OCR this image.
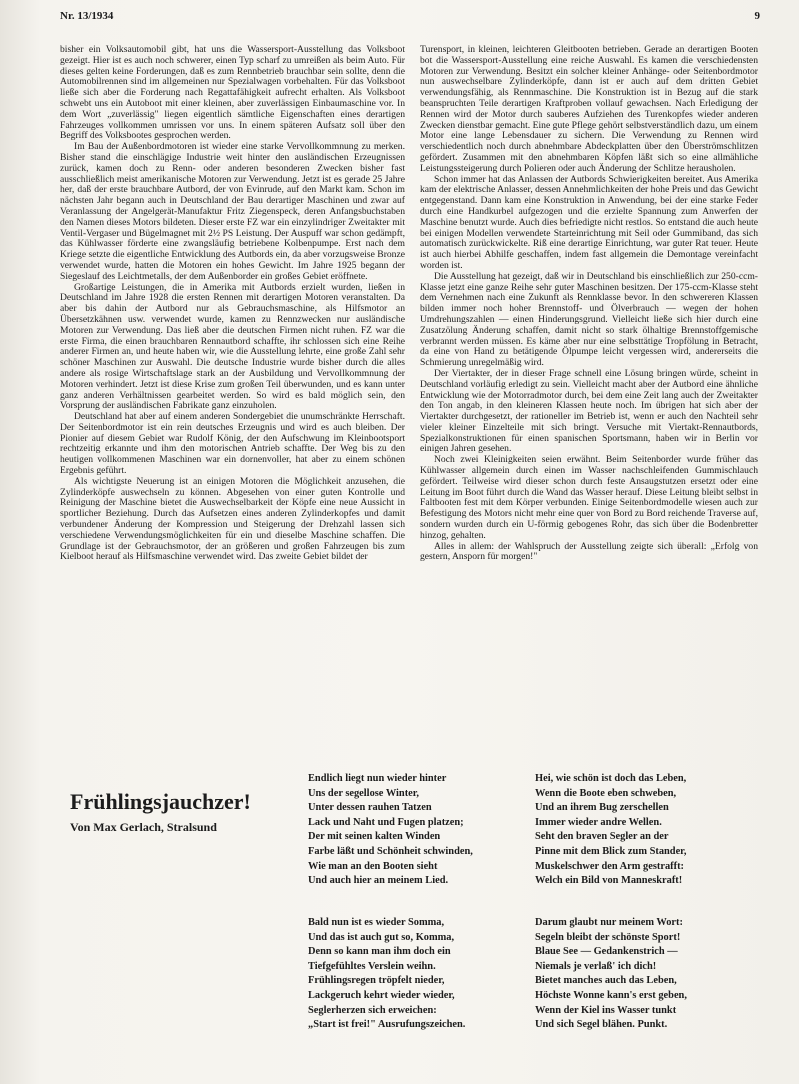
Nr. 13/1934	9

bisher ein Volksautomobil gibt, hat uns die Wassersport-Ausstellung das Volksboot gezeigt. Hier ist es auch noch schwerer, einen Typ scharf zu umreißen als beim Auto. Für dieses gelten keine Forderungen, daß es zum Rennbetrieb brauchbar sein sollte, denn die Automobilrennen sind im allgemeinen nur Spezialwagen vorbehalten. Für das Volksboot ließe sich aber die Forderung nach Regattafähigkeit aufrecht erhalten. Als Volksboot schwebt uns ein Autoboot mit einer kleinen, aber zuverlässigen Einbaumaschine vor. In dem Wort „zuverlässig" liegen eigentlich sämtliche Eigenschaften eines derartigen Fahrzeuges vollkommen umrissen vor uns. In einem späteren Aufsatz soll über den Begriff des Volksbootes gesprochen werden.

Im Bau der Außenbordmotoren ist wieder eine starke Vervollkommnung zu merken. Bisher stand die einschlägige Industrie weit hinter den ausländischen Erzeugnissen zurück, kamen doch zu Renn- oder anderen besonderen Zwecken bisher fast ausschließlich meist amerikanische Motoren zur Verwendung. Jetzt ist es gerade 25 Jahre her, daß der erste brauchbare Autbord, der von Evinrude, auf den Markt kam. Schon im nächsten Jahr begann auch in Deutschland der Bau derartiger Maschinen und zwar auf Veranlassung der Angelgerät-Manufaktur Fritz Ziegenspeck, deren Anfangsbuchstaben den Namen dieses Motors bildeten. Dieser erste FZ war ein einzylindriger Zweitakter mit Ventil-Vergaser und Bügelmagnet mit 2½ PS Leistung. Der Auspuff war schon gedämpft, das Kühlwasser förderte eine zwangsläufig betriebene Kolbenpumpe. Erst nach dem Kriege setzte die eigentliche Entwicklung des Autbords ein, da aber vorzugsweise Bronze verwendet wurde, hatten die Motoren ein hohes Gewicht. Im Jahre 1925 begann der Siegeslauf des Leichtmetalls, der dem Außenborder ein großes Gebiet eröffnete.

Großartige Leistungen, die in Amerika mit Autbords erzielt wurden, ließen in Deutschland im Jahre 1928 die ersten Rennen mit derartigen Motoren veranstalten. Da aber bis dahin der Autbord nur als Gebrauchsmaschine, als Hilfsmotor an Übersetzkähnen usw. verwendet wurde, kamen zu Rennzwecken nur ausländische Motoren zur Verwendung. Das ließ aber die deutschen Firmen nicht ruhen. FZ war die erste Firma, die einen brauchbaren Rennautbord schaffte, ihr schlossen sich eine Reihe anderer Firmen an, und heute haben wir, wie die Ausstellung lehrte, eine große Zahl sehr schöner Maschinen zur Auswahl. Die deutsche Industrie wurde bisher durch die alles andere als rosige Wirtschaftslage stark an der Ausbildung und Vervollkommnung der Motoren verhindert. Jetzt ist diese Krise zum großen Teil überwunden, und es kann unter ganz anderen Verhältnissen gearbeitet werden. So wird es bald möglich sein, den Vorsprung der ausländischen Fabrikate ganz einzuholen.

Deutschland hat aber auf einem anderen Sondergebiet die unumschränkte Herrschaft. Der Seitenbordmotor ist ein rein deutsches Erzeugnis und wird es auch bleiben. Der Pionier auf diesem Gebiet war Rudolf König, der den Aufschwung im Kleinbootsport rechtzeitig erkannte und ihm den motorischen Antrieb schaffte. Der Weg bis zu den heutigen vollkommenen Maschinen war ein dornenvoller, hat aber zu einem schönen Ergebnis geführt.

Als wichtigste Neuerung ist an einigen Motoren die Möglichkeit anzusehen, die Zylinderköpfe auswechseln zu können. Abgesehen von einer guten Kontrolle und Reinigung der Maschine bietet die Auswechselbarkeit der Köpfe eine neue Aussicht in sportlicher Beziehung. Durch das Aufsetzen eines anderen Zylinderkopfes und damit verbundener Änderung der Kompression und Steigerung der Drehzahl lassen sich verschiedene Verwendungsmöglichkeiten für ein und dieselbe Maschine schaffen. Die Grundlage ist der Gebrauchsmotor, der an größeren und großen Fahrzeugen bis zum Kielboot herauf als Hilfsmaschine verwendet wird. Das zweite Gebiet bildet der

Turensport, in kleinen, leichteren Gleitbooten betrieben. Gerade an derartigen Booten bot die Wassersport-Ausstellung eine reiche Auswahl. Es kamen die verschiedensten Motoren zur Verwendung. Besitzt ein solcher kleiner Anhänge- oder Seitenbordmotor nun auswechselbare Zylinderköpfe, dann ist er auch auf dem dritten Gebiet verwendungsfähig, als Rennmaschine. Die Konstruktion ist in Bezug auf die stark beanspruchten Teile derartigen Kraftproben vollauf gewachsen. Nach Erledigung der Rennen wird der Motor durch sauberes Aufziehen des Turenkopfes wieder anderen Zwecken dienstbar gemacht. Eine gute Pflege gehört selbstverständlich dazu, um einem Motor eine lange Lebensdauer zu sichern. Die Verwendung zu Rennen wird verschiedentlich noch durch abnehmbare Abdeckplatten über den Überströmschlitzen gefördert. Zusammen mit den abnehmbaren Köpfen läßt sich so eine allmähliche Leistungssteigerung durch Polieren oder auch Änderung der Schlitze herausholen.

Schon immer hat das Anlassen der Autbords Schwierigkeiten bereitet. Aus Amerika kam der elektrische Anlasser, dessen Annehmlichkeiten der hohe Preis und das Gewicht entgegenstand. Dann kam eine Konstruktion in Anwendung, bei der eine starke Feder durch eine Handkurbel aufgezogen und die erzielte Spannung zum Anwerfen der Maschine benutzt wurde. Auch dies befriedigte nicht restlos. So entstand die auch heute bei einigen Modellen verwendete Starteinrichtung mit Seil oder Gummiband, das sich automatisch zurückwickelte. Riß eine derartige Einrichtung, war guter Rat teuer. Heute ist auch hierbei Abhilfe geschaffen, indem fast allgemein die Demontage vereinfacht worden ist.

Die Ausstellung hat gezeigt, daß wir in Deutschland bis einschließlich zur 250-ccm-Klasse jetzt eine ganze Reihe sehr guter Maschinen besitzen. Der 175-ccm-Klasse steht dem Vernehmen nach eine Zukunft als Rennklasse bevor. In den schwereren Klassen bilden immer noch hoher Brennstoff- und Ölverbrauch — wegen der hohen Umdrehungszahlen — einen Hinderungsgrund. Vielleicht ließe sich hier durch eine Zusatzölung Änderung schaffen, damit nicht so stark ölhaltige Brennstoffgemische verbrannt werden müssen. Es käme aber nur eine selbsttätige Tropfölung in Betracht, da eine von Hand zu betätigende Ölpumpe leicht vergessen wird, andererseits die Schmierung unregelmäßig wird.

Der Viertakter, der in dieser Frage schnell eine Lösung bringen würde, scheint in Deutschland vorläufig erledigt zu sein. Vielleicht macht aber der Autbord eine ähnliche Entwicklung wie der Motorradmotor durch, bei dem eine Zeit lang auch der Zweitakter den Ton angab, in den kleineren Klassen heute noch. Im übrigen hat sich aber der Viertakter durchgesetzt, der rationeller im Betrieb ist, wenn er auch den Nachteil sehr vieler kleiner Einzelteile mit sich bringt. Versuche mit Viertakt-Rennautbords, Spezialkonstruktionen für einen spanischen Sportsmann, haben wir in Berlin vor einigen Jahren gesehen.

Noch zwei Kleinigkeiten seien erwähnt. Beim Seitenborder wurde früher das Kühlwasser allgemein durch einen im Wasser nachschleifenden Gummischlauch gefördert. Teilweise wird dieser schon durch feste Ansaugstutzen ersetzt oder eine Leitung im Boot führt durch die Wand das Wasser herauf. Diese Leitung bleibt selbst in Faltbooten fest mit dem Körper verbunden. Einige Seitenbordmodelle wiesen auch zur Befestigung des Motors nicht mehr eine quer von Bord zu Bord reichende Traverse auf, sondern wurden durch ein U-förmig gebogenes Rohr, das sich über die Bodenbretter hinzog, gehalten.

Alles in allem: der Wahlspruch der Ausstellung zeigte sich überall: „Erfolg von gestern, Ansporn für morgen!"

Frühlingsjauchzer!
Von Max Gerlach, Stralsund
Endlich liegt nun wieder hinter
Uns der segellose Winter,
Unter dessen rauhen Tatzen
Lack und Naht und Fugen platzen;
Der mit seinen kalten Winden
Farbe läßt und Schönheit schwinden,
Wie man an den Booten sieht
Und auch hier an meinem Lied.
Bald nun ist es wieder Somma,
Und das ist auch gut so, Komma,
Denn so kann man ihm doch ein
Tiefgefühltes Verslein weihn.
Frühlingsregen tröpfelt nieder,
Lackgeruch kehrt wieder wieder,
Seglerherzen sich erweichen:
„Start ist frei!" Ausrufungszeichen.
Hei, wie schön ist doch das Leben,
Wenn die Boote eben schweben,
Und an ihrem Bug zerschellen
Immer wieder andre Wellen.
Seht den braven Segler an der
Pinne mit dem Blick zum Stander,
Muskelschwer den Arm gestrafft:
Welch ein Bild von Manneskraft!
Darum glaubt nur meinem Wort:
Segeln bleibt der schönste Sport!
Blaue See — Gedankenstrich —
Niemals je verlaß' ich dich!
Bietet manches auch das Leben,
Höchste Wonne kann's erst geben,
Wenn der Kiel ins Wasser tunkt
Und sich Segel blähen. Punkt.
